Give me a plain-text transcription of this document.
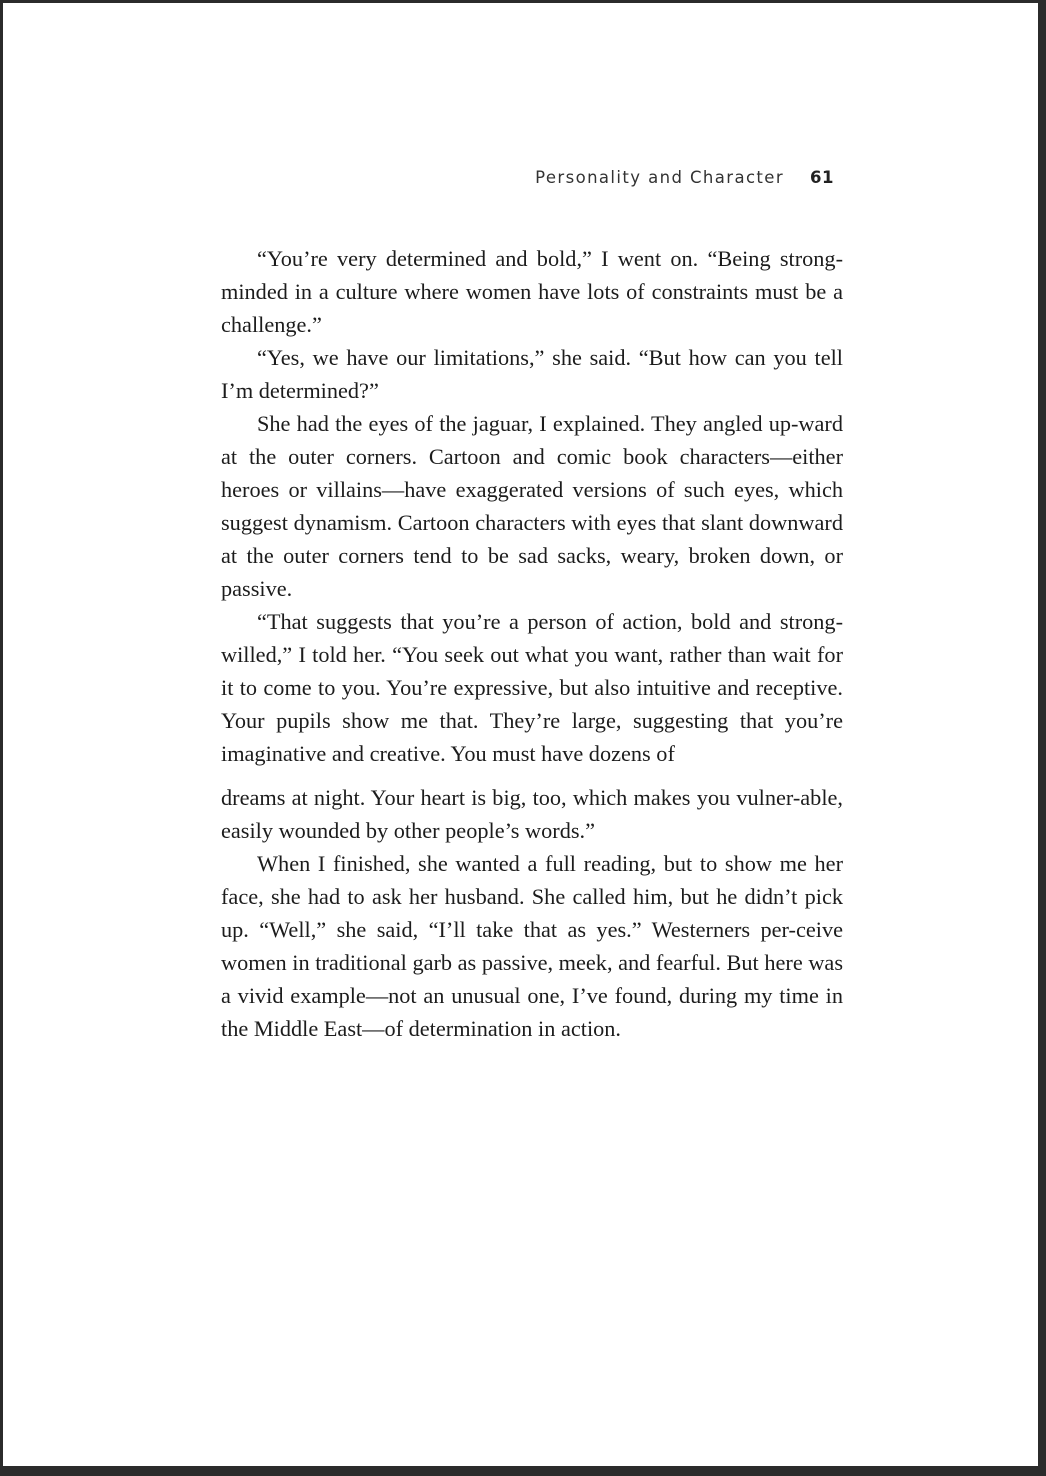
Personality and Character 61

“You’re very determined and bold,” I went on. “Being strong-minded in a culture where women have lots of constraints must be a challenge.”

“Yes, we have our limitations,” she said. “But how can you tell I’m determined?”

She had the eyes of the jaguar, I explained. They angled up-ward at the outer corners. Cartoon and comic book characters—either heroes or villains—have exaggerated versions of such eyes, which suggest dynamism. Cartoon characters with eyes that slant downward at the outer corners tend to be sad sacks, weary, broken down, or passive.

“That suggests that you’re a person of action, bold and strong-willed,” I told her. “You seek out what you want, rather than wait for it to come to you. You’re expressive, but also intuitive and receptive. Your pupils show me that. They’re large, suggesting that you’re imaginative and creative. You must have dozens of

dreams at night. Your heart is big, too, which makes you vulner-able, easily wounded by other people’s words.”

When I finished, she wanted a full reading, but to show me her face, she had to ask her husband. She called him, but he didn’t pick up. “Well,” she said, “I’ll take that as yes.” Westerners per-ceive women in traditional garb as passive, meek, and fearful. But here was a vivid example—not an unusual one, I’ve found, during my time in the Middle East—of determination in action.
